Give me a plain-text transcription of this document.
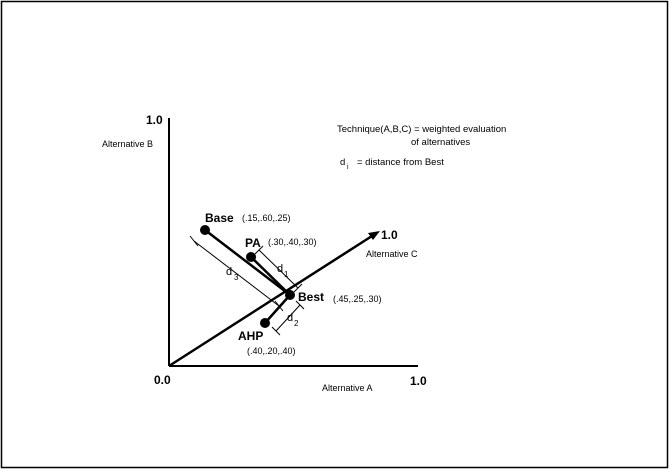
1.0
Alternative B
0.0	1.0
Alternative A
1.0
Alternative C
Technique(A,B,C) = weighted evaluation
of alternatives
d i = distance from Best
d 3
d 1
d 2
Base (.15,.60,.25)
PA (.30,.40,.30)
Best (.45,.25,.30)
AHP
(.40,.20,.40)
